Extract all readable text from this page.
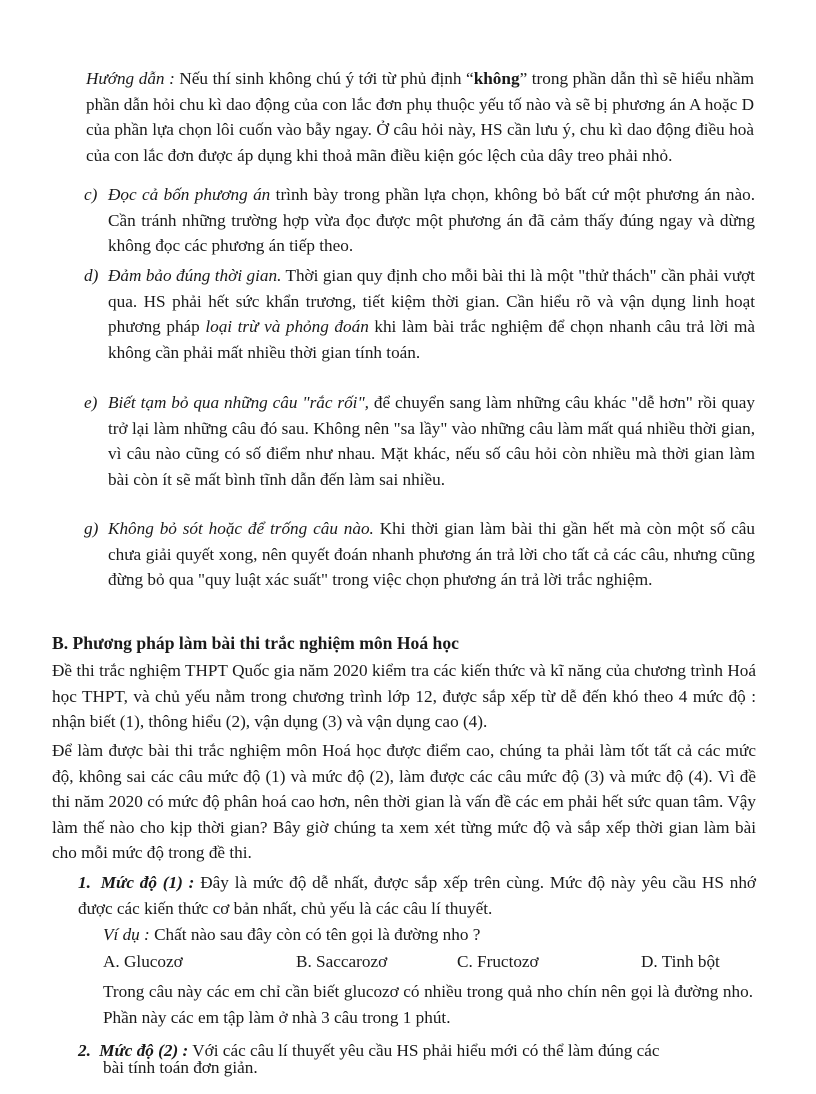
Hướng dẫn : Nếu thí sinh không chú ý tới từ phủ định “không” trong phần dẫn thì sẽ hiểu nhầm phần dẫn hỏi chu kì dao động của con lắc đơn phụ thuộc yếu tố nào và sẽ bị phương án A hoặc D của phần lựa chọn lôi cuốn vào bẫy ngay. Ở câu hỏi này, HS cần lưu ý, chu kì dao động điều hoà của con lắc đơn được áp dụng khi thoả mãn điều kiện góc lệch của dây treo phải nhỏ.

c) Đọc cả bốn phương án trình bày trong phần lựa chọn, không bỏ bất cứ một phương án nào. Cần tránh những trường hợp vừa đọc được một phương án đã cảm thấy đúng ngay và dừng không đọc các phương án tiếp theo.
d) Đảm bảo đúng thời gian. Thời gian quy định cho mỗi bài thi là một "thử thách" cần phải vượt qua. HS phải hết sức khẩn trương, tiết kiệm thời gian. Cần hiểu rõ và vận dụng linh hoạt phương pháp loại trừ và phỏng đoán khi làm bài trắc nghiệm để chọn nhanh câu trả lời mà không cần phải mất nhiều thời gian tính toán.
e) Biết tạm bỏ qua những câu "rắc rối", để chuyển sang làm những câu khác "dễ hơn" rồi quay trở lại làm những câu đó sau. Không nên "sa lầy" vào những câu làm mất quá nhiều thời gian, vì câu nào cũng có số điểm như nhau. Mặt khác, nếu số câu hỏi còn nhiều mà thời gian làm bài còn ít sẽ mất bình tĩnh dẫn đến làm sai nhiều.
g) Không bỏ sót hoặc để trống câu nào. Khi thời gian làm bài thi gần hết mà còn một số câu chưa giải quyết xong, nên quyết đoán nhanh phương án trả lời cho tất cả các câu, nhưng cũng đừng bỏ qua "quy luật xác suất" trong việc chọn phương án trả lời trắc nghiệm.

B. Phương pháp làm bài thi trắc nghiệm môn Hoá học

Đề thi trắc nghiệm THPT Quốc gia năm 2020 kiểm tra các kiến thức và kĩ năng của chương trình Hoá học THPT, và chủ yếu nằm trong chương trình lớp 12, được sắp xếp từ dễ đến khó theo 4 mức độ : nhận biết (1), thông hiểu (2), vận dụng (3) và vận dụng cao (4).

Để làm được bài thi trắc nghiệm môn Hoá học được điểm cao, chúng ta phải làm tốt tất cả các mức độ, không sai các câu mức độ (1) và mức độ (2), làm được các câu mức độ (3) và mức độ (4). Vì đề thi năm 2020 có mức độ phân hoá cao hơn, nên thời gian là vấn đề các em phải hết sức quan tâm. Vậy làm thế nào cho kịp thời gian? Bây giờ chúng ta xem xét từng mức độ và sắp xếp thời gian làm bài cho mỗi mức độ trong đề thi.

1. Mức độ (1) : Đây là mức độ dễ nhất, được sắp xếp trên cùng. Mức độ này yêu cầu HS nhớ được các kiến thức cơ bản nhất, chủ yếu là các câu lí thuyết.

Ví dụ : Chất nào sau đây còn có tên gọi là đường nho ?

A. Glucozơ	B. Saccarozơ	C. Fructozơ	D. Tinh bột

Trong câu này các em chỉ cần biết glucozơ có nhiều trong quả nho chín nên gọi là đường nho. Phần này các em tập làm ở nhà 3 câu trong 1 phút.

2. Mức độ (2) : Với các câu lí thuyết yêu cầu HS phải hiểu mới có thể làm đúng các
bài tính toán đơn giản.
